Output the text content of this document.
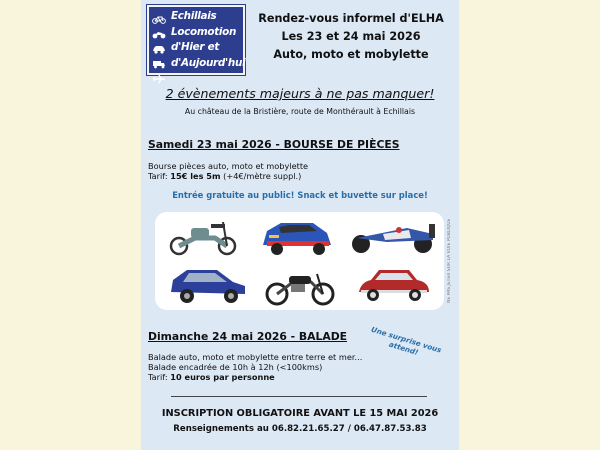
Echillais
Locomotion
d'Hier et
d'Aujourd'hui
Rendez-vous informel d'ELHA
Les 23 et 24 mai 2026
Auto, moto et mobylette
2 évènements majeurs à ne pas manquer!
Au château de la Bristière, route de Monthérault à Echillais
Samedi 23 mai 2026 - BOURSE DE PIÈCES
Bourse pièces auto, moto et mobylette
Tarif: 15€ les 5m (+4€/mètre suppl.)
Entrée gratuite au public! Snack et buvette sur place!
NE PAS JETER SUR LA VOIE PUBLIQUE
Dimanche 24 mai 2026 - BALADE	Une surprise vous attend!
Balade auto, moto et mobylette entre terre et mer...
Balade encadrée de 10h à 12h (<100kms)
Tarif: 10 euros par personne
INSCRIPTION OBLIGATOIRE AVANT LE 15 MAI 2026
Renseignements au 06.82.21.65.27 / 06.47.87.53.83
